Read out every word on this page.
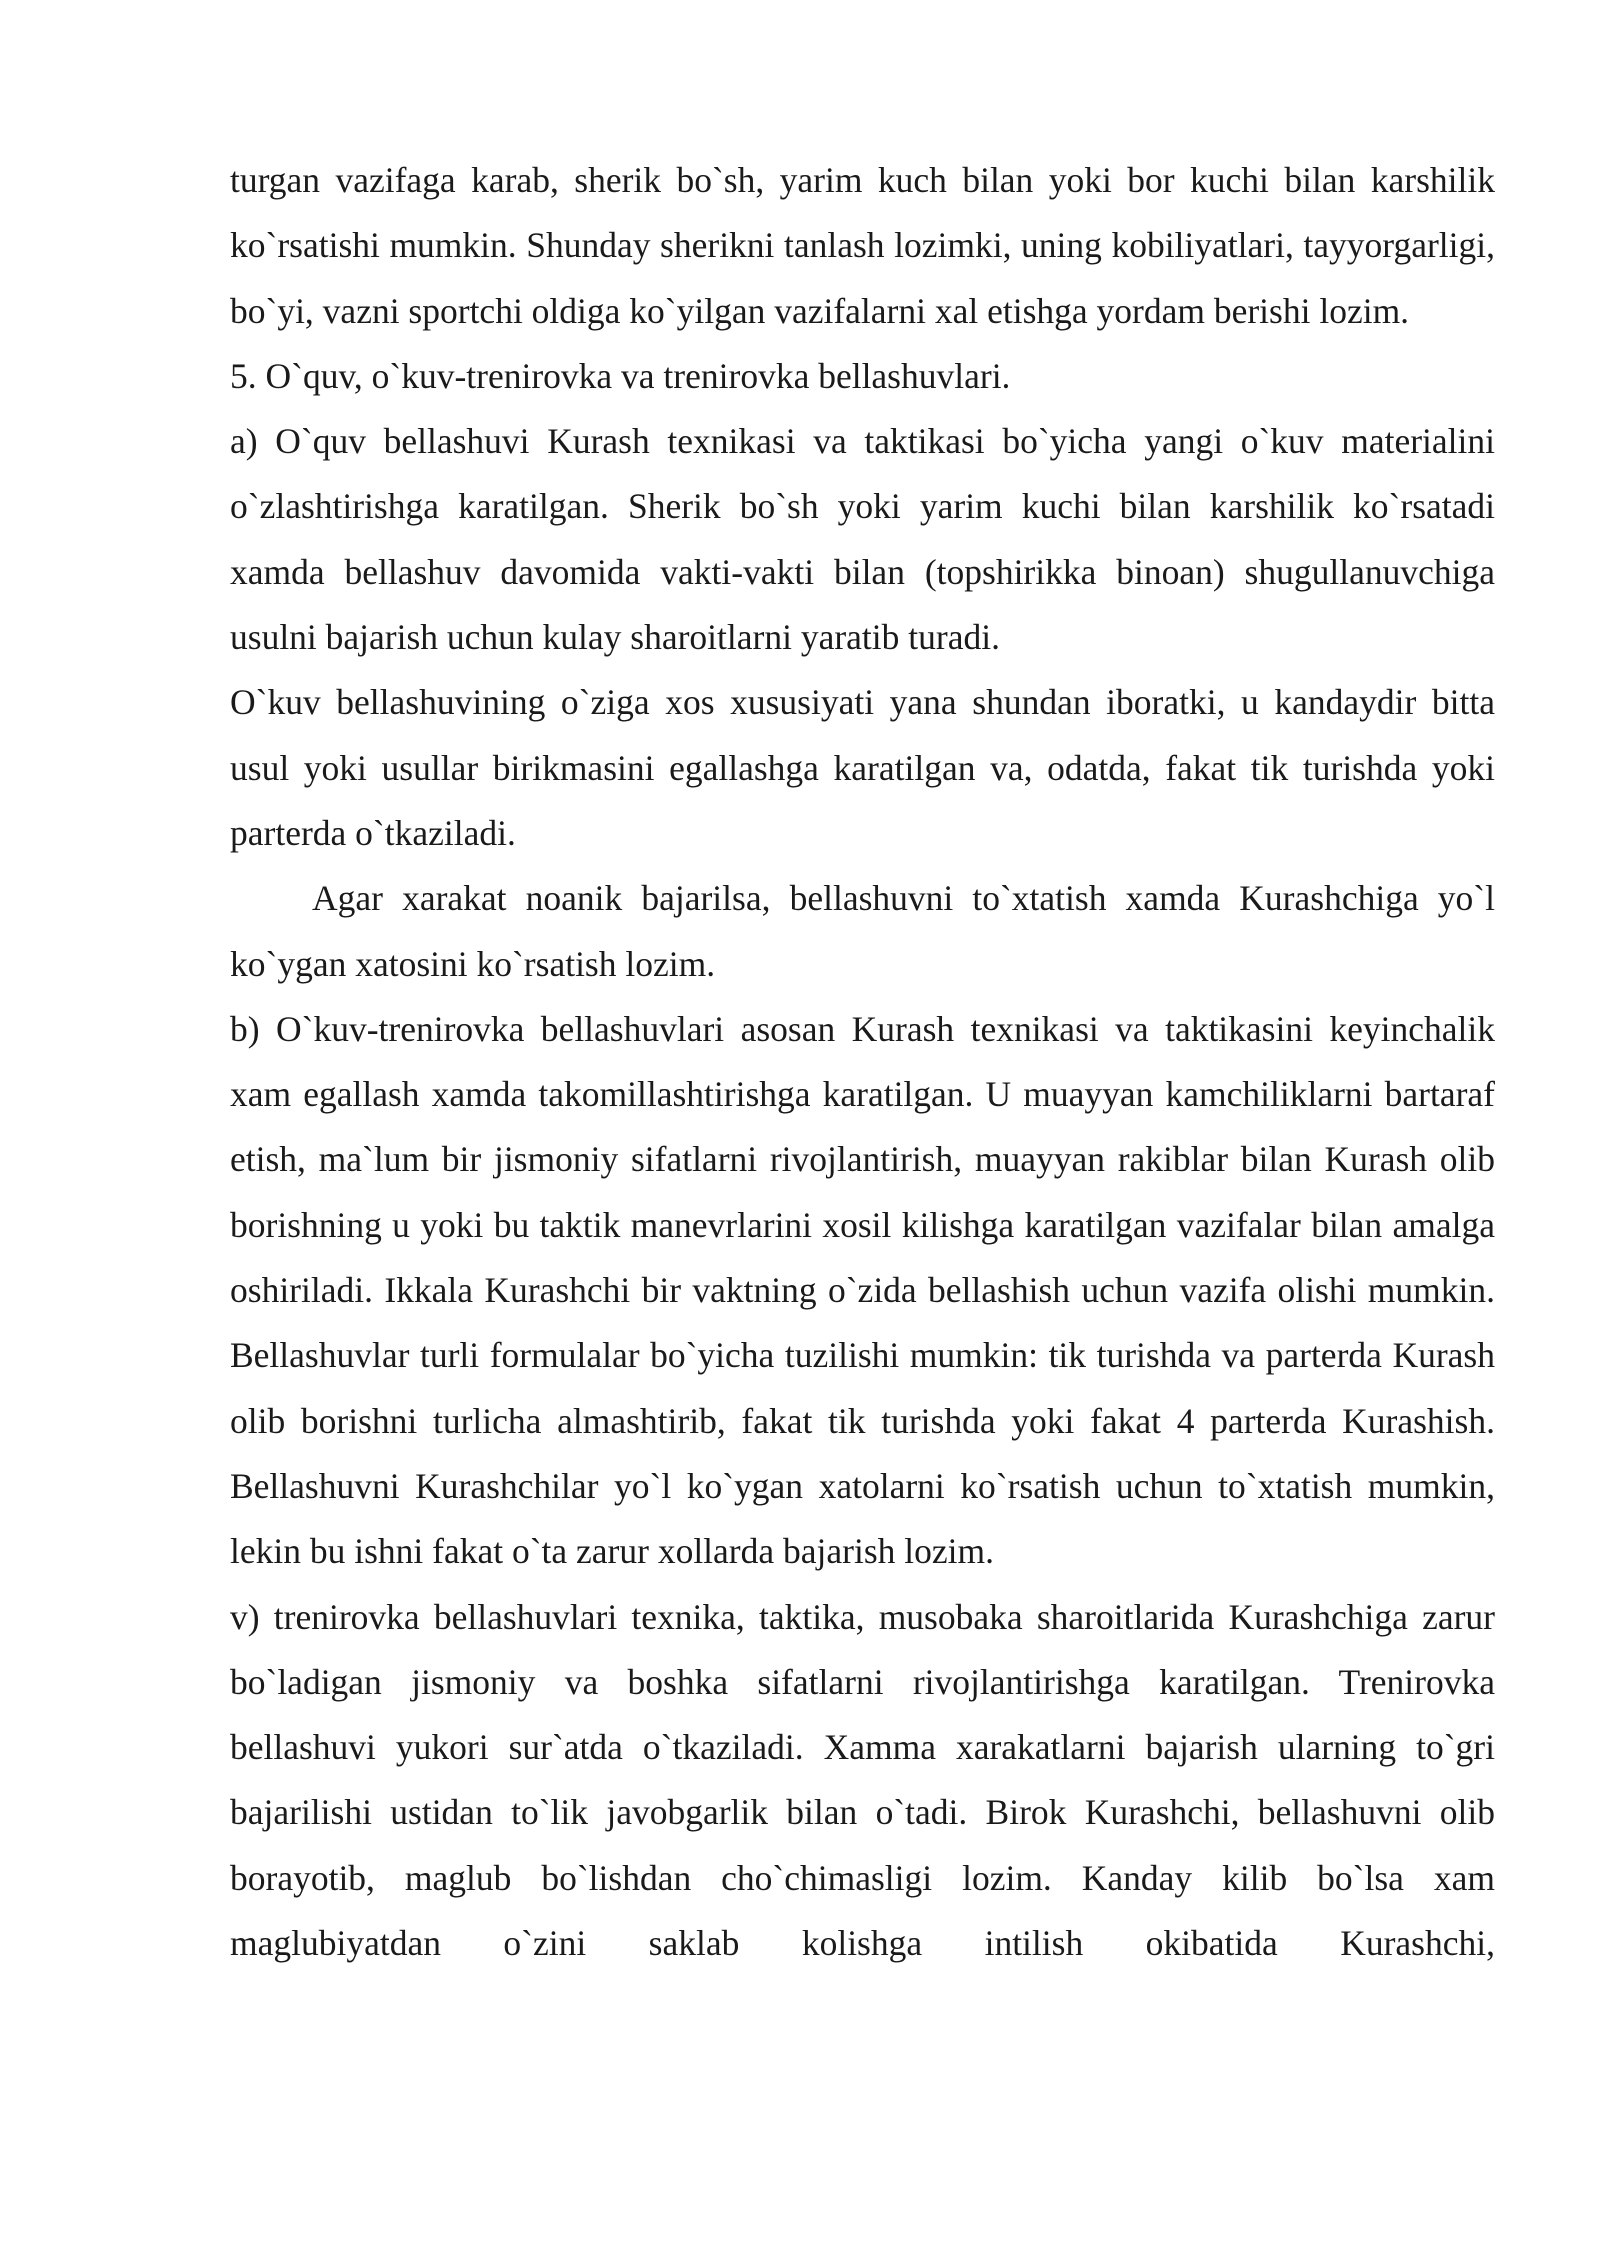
turgan vazifaga karab, sherik bo`sh, yarim kuch bilan yoki bor kuchi bilan karshilik ko`rsatishi mumkin. Shunday sherikni tanlash lozimki, uning kobiliyatlari, tayyorgarligi, bo`yi, vazni sportchi oldiga ko`yilgan vazifalarni xal etishga yordam berishi lozim.

5. O`quv, o`kuv-trenirovka va trenirovka bellashuvlari.

a) O`quv bellashuvi Kurash texnikasi va taktikasi bo`yicha yangi o`kuv materialini o`zlashtirishga karatilgan. Sherik bo`sh yoki yarim kuchi bilan karshilik ko`rsatadi xamda bellashuv davomida vakti-vakti bilan (topshirikka binoan) shugullanuvchiga usulni bajarish uchun kulay sharoitlarni yaratib turadi.

O`kuv bellashuvining o`ziga xos xususiyati yana shundan iboratki, u kandaydir bitta usul yoki usullar birikmasini egallashga karatilgan va, odatda, fakat tik turishda yoki parterda o`tkaziladi.

Agar xarakat noanik bajarilsa, bellashuvni to`xtatish xamda Kurashchiga yo`l ko`ygan xatosini ko`rsatish lozim.

b) O`kuv-trenirovka bellashuvlari asosan Kurash texnikasi va taktikasini keyinchalik xam egallash xamda takomillashtirishga karatilgan. U muayyan kamchiliklarni bartaraf etish, ma`lum bir jismoniy sifatlarni rivojlantirish, muayyan rakiblar bilan Kurash olib borishning u yoki bu taktik manevrlarini xosil kilishga karatilgan vazifalar bilan amalga oshiriladi. Ikkala Kurashchi bir vaktning o`zida bellashish uchun vazifa olishi mumkin. Bellashuvlar turli formulalar bo`yicha tuzilishi mumkin: tik turishda va parterda Kurash olib borishni turlicha almashtirib, fakat tik turishda yoki fakat 4 parterda Kurashish. Bellashuvni Kurashchilar yo`l ko`ygan xatolarni ko`rsatish uchun to`xtatish mumkin, lekin bu ishni fakat o`ta zarur xollarda bajarish lozim.

v) trenirovka bellashuvlari texnika, taktika, musobaka sharoitlarida Kurashchiga zarur bo`ladigan jismoniy va boshka sifatlarni rivojlantirishga karatilgan. Trenirovka bellashuvi yukori sur`atda o`tkaziladi. Xamma xarakatlarni bajarish ularning to`gri bajarilishi ustidan to`lik javobgarlik bilan o`tadi. Birok Kurashchi, bellashuvni olib borayotib, maglub bo`lishdan cho`chimasligi lozim. Kanday kilib bo`lsa xam maglubiyatdan o`zini saklab kolishga intilish okibatida Kurashchi,
